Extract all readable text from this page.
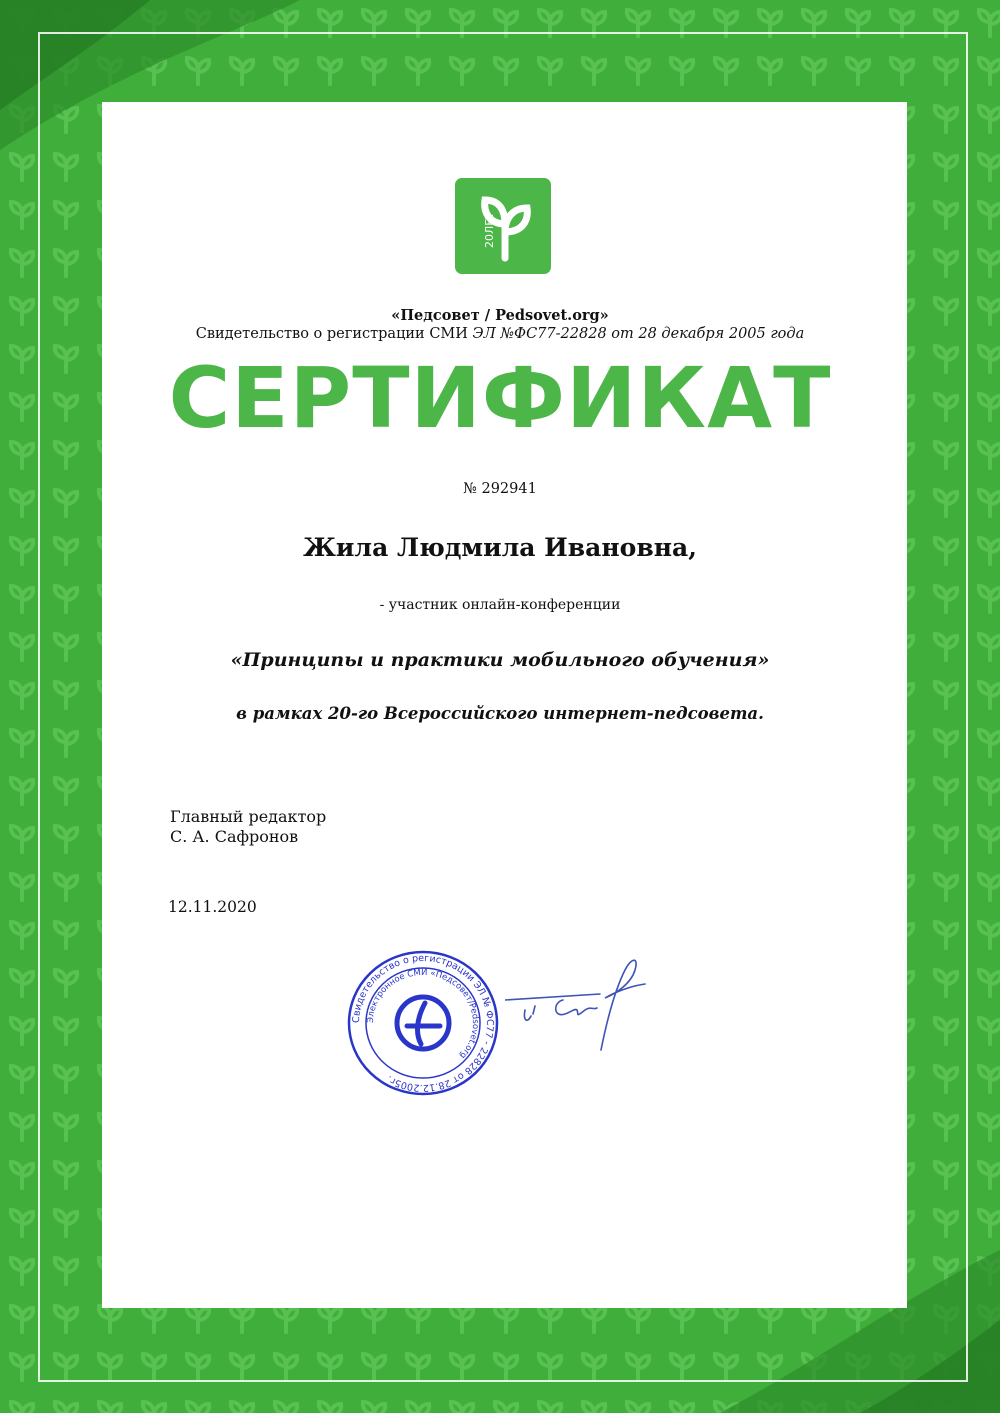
20ЛЕТ
«Педсовет / Pedsovet.org»
Свидетельство о регистрации СМИ ЭЛ №ФС77-22828 от 28 декабря 2005 года
СЕРТИФИКАТ
№ 292941
Жила Людмила Ивановна,
- участник онлайн-конференции
«Принципы и практики мобильного обучения»
в рамках 20-го Всероссийского интернет-педсовета.
Главный редактор
С. А. Сафронов
12.11.2020
Свидетельство о регистрации ЭЛ № ФС77 - 22828 от 28.12.2005г.
Электронное СМИ «Педсовет/Pedsovet.org
